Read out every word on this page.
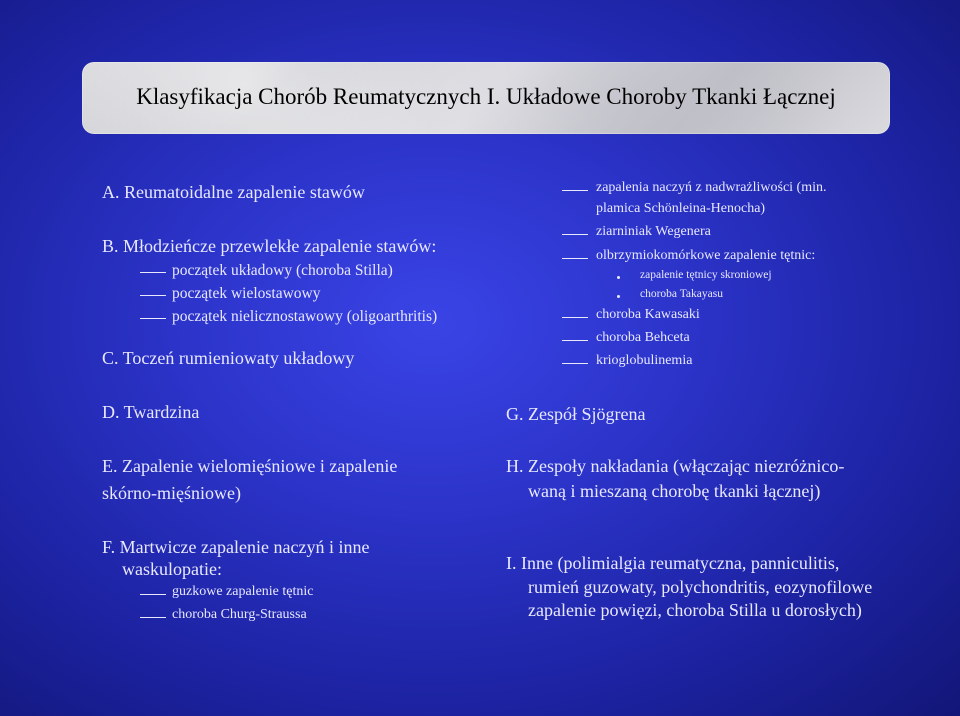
Klasyfikacja Chorób Reumatycznych I. Układowe Choroby Tkanki Łącznej
A. Reumatoidalne zapalenie stawów
B. Młodzieńcze przewlekłe zapalenie stawów:
początek układowy (choroba Stilla)
początek wielostawowy
początek nielicznostawowy (oligoarthritis)
C. Toczeń rumieniowaty układowy
D. Twardzina
E. Zapalenie wielomięśniowe i zapalenie
skórno-mięśniowe)
F. Martwicze zapalenie naczyń i inne
waskulopatie:
guzkowe zapalenie tętnic
choroba Churg-Straussa
zapalenia naczyń z nadwrażliwości (min.
plamica Schönleina-Henocha)
ziarniniak Wegenera
olbrzymiokomórkowe zapalenie tętnic:
zapalenie tętnicy skroniowej
choroba Takayasu
choroba Kawasaki
choroba Behceta
krioglobulinemia
G. Zespół Sjögrena
H. Zespoły nakładania (włączając niezróżnico-
waną i mieszaną chorobę tkanki łącznej)
I. Inne (polimialgia reumatyczna, panniculitis,
rumień guzowaty, polychondritis, eozynofilowe
zapalenie powięzi, choroba Stilla u dorosłych)
